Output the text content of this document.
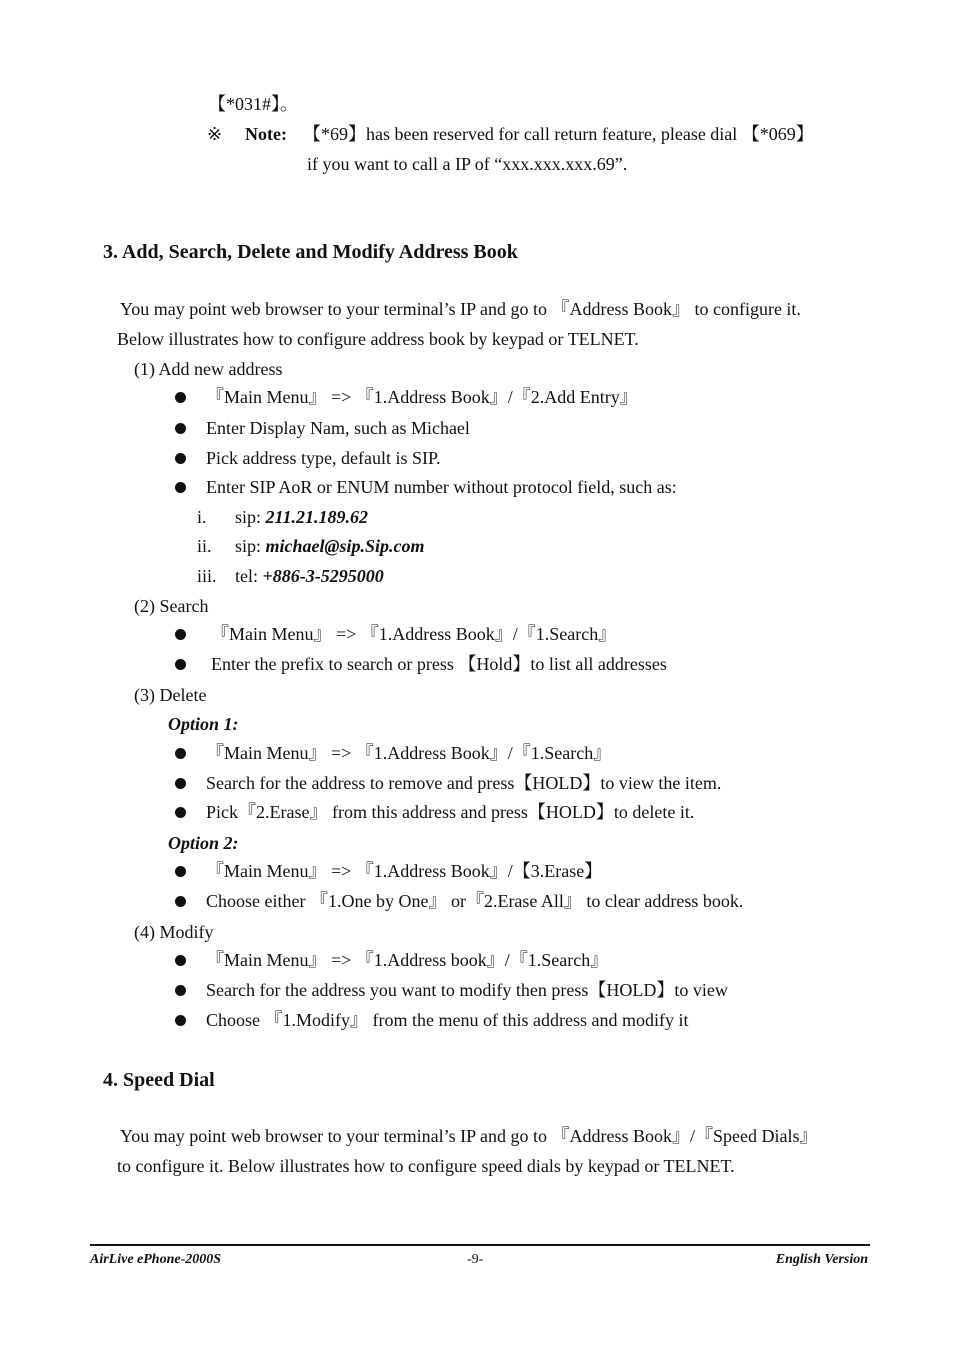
【*031#】。
※ Note: 【*69】has been reserved for call return feature, please dial 【*069】
if you want to call a IP of “xxx.xxx.xxx.69”.
3. Add, Search, Delete and Modify Address Book
You may point web browser to your terminal’s IP and go to 『Address Book』 to configure it.
Below illustrates how to configure address book by keypad or TELNET.
(1) Add new address
『Main Menu』 => 『1.Address Book』/『2.Add Entry』
Enter Display Nam, such as Michael
Pick address type, default is SIP.
Enter SIP AoR or ENUM number without protocol field, such as:
i. sip: 211.21.189.62
ii. sip: michael@sip.Sip.com
iii. tel: +886-3-5295000
(2) Search
『Main Menu』 => 『1.Address Book』/『1.Search』
Enter the prefix to search or press 【Hold】to list all addresses
(3) Delete
Option 1:
『Main Menu』 => 『1.Address Book』/『1.Search』
Search for the address to remove and press【HOLD】to view the item.
Pick『2.Erase』 from this address and press【HOLD】to delete it.
Option 2:
『Main Menu』 => 『1.Address Book』/【3.Erase】
Choose either 『1.One by One』 or『2.Erase All』 to clear address book.
(4) Modify
『Main Menu』 => 『1.Address book』/『1.Search』
Search for the address you want to modify then press【HOLD】to view
Choose 『1.Modify』 from the menu of this address and modify it
4. Speed Dial
You may point web browser to your terminal’s IP and go to 『Address Book』/『Speed Dials』
to configure it. Below illustrates how to configure speed dials by keypad or TELNET.
AirLive ePhone-2000S	-9-	English Version
